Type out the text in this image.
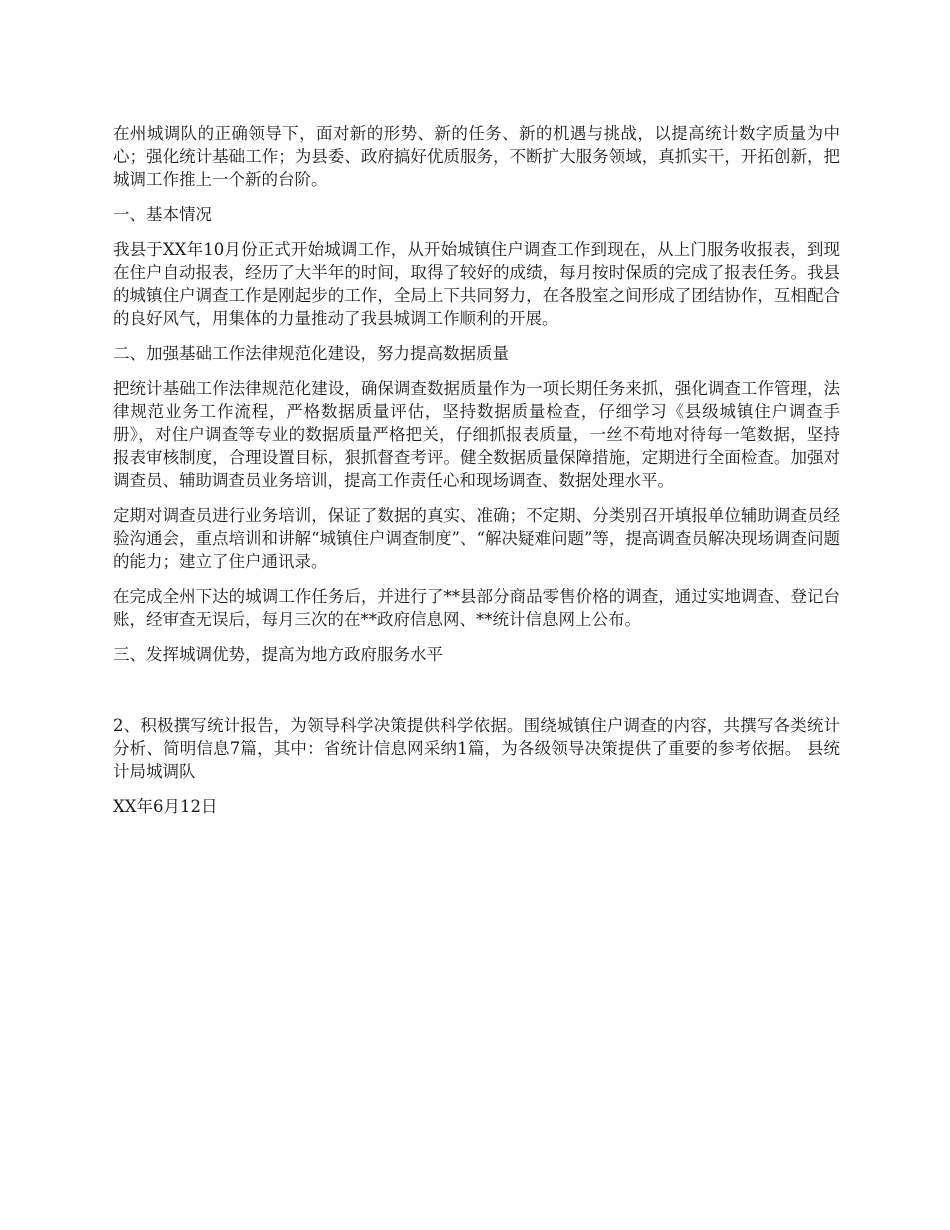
在州城调队的正确领导下，面对新的形势、新的任务、新的机遇与挑战，以提高统计数字质量为中心；强化统计基础工作；为县委、政府搞好优质服务，不断扩大服务领域，真抓实干，开拓创新，把城调工作推上一个新的台阶。

一、基本情况

我县于XX年10月份正式开始城调工作，从开始城镇住户调查工作到现在，从上门服务收报表，到现在住户自动报表，经历了大半年的时间，取得了较好的成绩，每月按时保质的完成了报表任务。我县的城镇住户调查工作是刚起步的工作，全局上下共同努力，在各股室之间形成了团结协作，互相配合的良好风气，用集体的力量推动了我县城调工作顺利的开展。

二、加强基础工作法律规范化建设，努力提高数据质量

把统计基础工作法律规范化建设，确保调查数据质量作为一项长期任务来抓，强化调查工作管理，法律规范业务工作流程，严格数据质量评估，坚持数据质量检查，仔细学习《县级城镇住户调查手册》，对住户调查等专业的数据质量严格把关，仔细抓报表质量，一丝不苟地对待每一笔数据，坚持报表审核制度，合理设置目标，狠抓督查考评。健全数据质量保障措施，定期进行全面检查。加强对调查员、辅助调查员业务培训，提高工作责任心和现场调查、数据处理水平。

定期对调查员进行业务培训，保证了数据的真实、准确；不定期、分类别召开填报单位辅助调查员经验沟通会，重点培训和讲解“城镇住户调查制度”、“解决疑难问题”等，提高调查员解决现场调查问题的能力；建立了住户通讯录。

在完成全州下达的城调工作任务后，并进行了**县部分商品零售价格的调查，通过实地调查、登记台账，经审查无误后，每月三次的在**政府信息网、**统计信息网上公布。

三、发挥城调优势，提高为地方政府服务水平

2、积极撰写统计报告，为领导科学决策提供科学依据。围绕城镇住户调查的内容，共撰写各类统计分析、简明信息7篇，其中：省统计信息网采纳1篇，为各级领导决策提供了重要的参考依据。 县统计局城调队

XX年6月12日
